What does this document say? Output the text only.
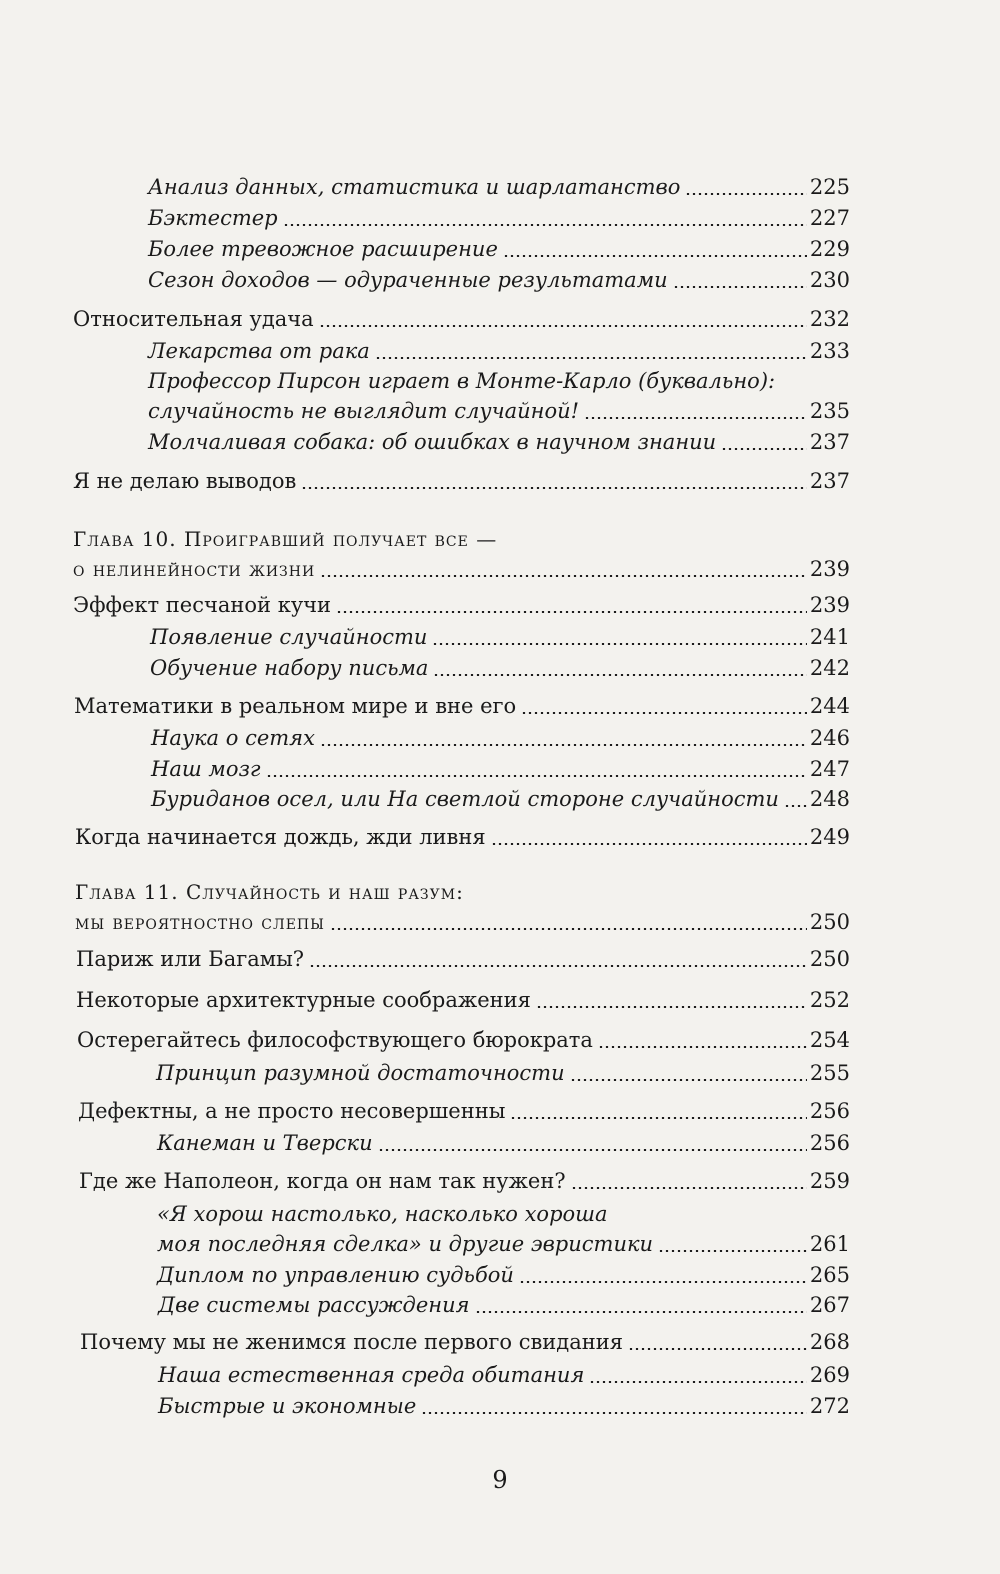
Анализ данных, статистика и шарлатанство	225
Бэктестер	227
Более тревожное расширение	229
Сезон доходов — одураченные результатами	230
Относительная удача	232
Лекарства от рака	233
Профессор Пирсон играет в Монте-Карло (буквально):
случайность не выглядит случайной!	235
Молчаливая собака: об ошибках в научном знании	237
Я не делаю выводов	237
Глава 10. Проигравший получает все —
о нелинейности жизни	239
Эффект песчаной кучи	239
Появление случайности	241
Обучение набору письма	242
Математики в реальном мире и вне его	244
Наука о сетях	246
Наш мозг	247
Буриданов осел, или На светлой стороне случайности 248
Когда начинается дождь, жди ливня	249
Глава 11. Случайность и наш разум:
мы вероятностно слепы	250
Париж или Багамы?	250
Некоторые архитектурные соображения	252
Остерегайтесь философствующего бюрократа	254
Принцип разумной достаточности	255
Дефектны, а не просто несовершенны	256
Канеман и Тверски	256
Где же Наполеон, когда он нам так нужен?	259
«Я хорош настолько, насколько хороша
моя последняя сделка» и другие эвристики	261
Диплом по управлению судьбой	265
Две системы рассуждения	267
Почему мы не женимся после первого свидания	268
Наша естественная среда обитания	269
Быстрые и экономные	272
9
